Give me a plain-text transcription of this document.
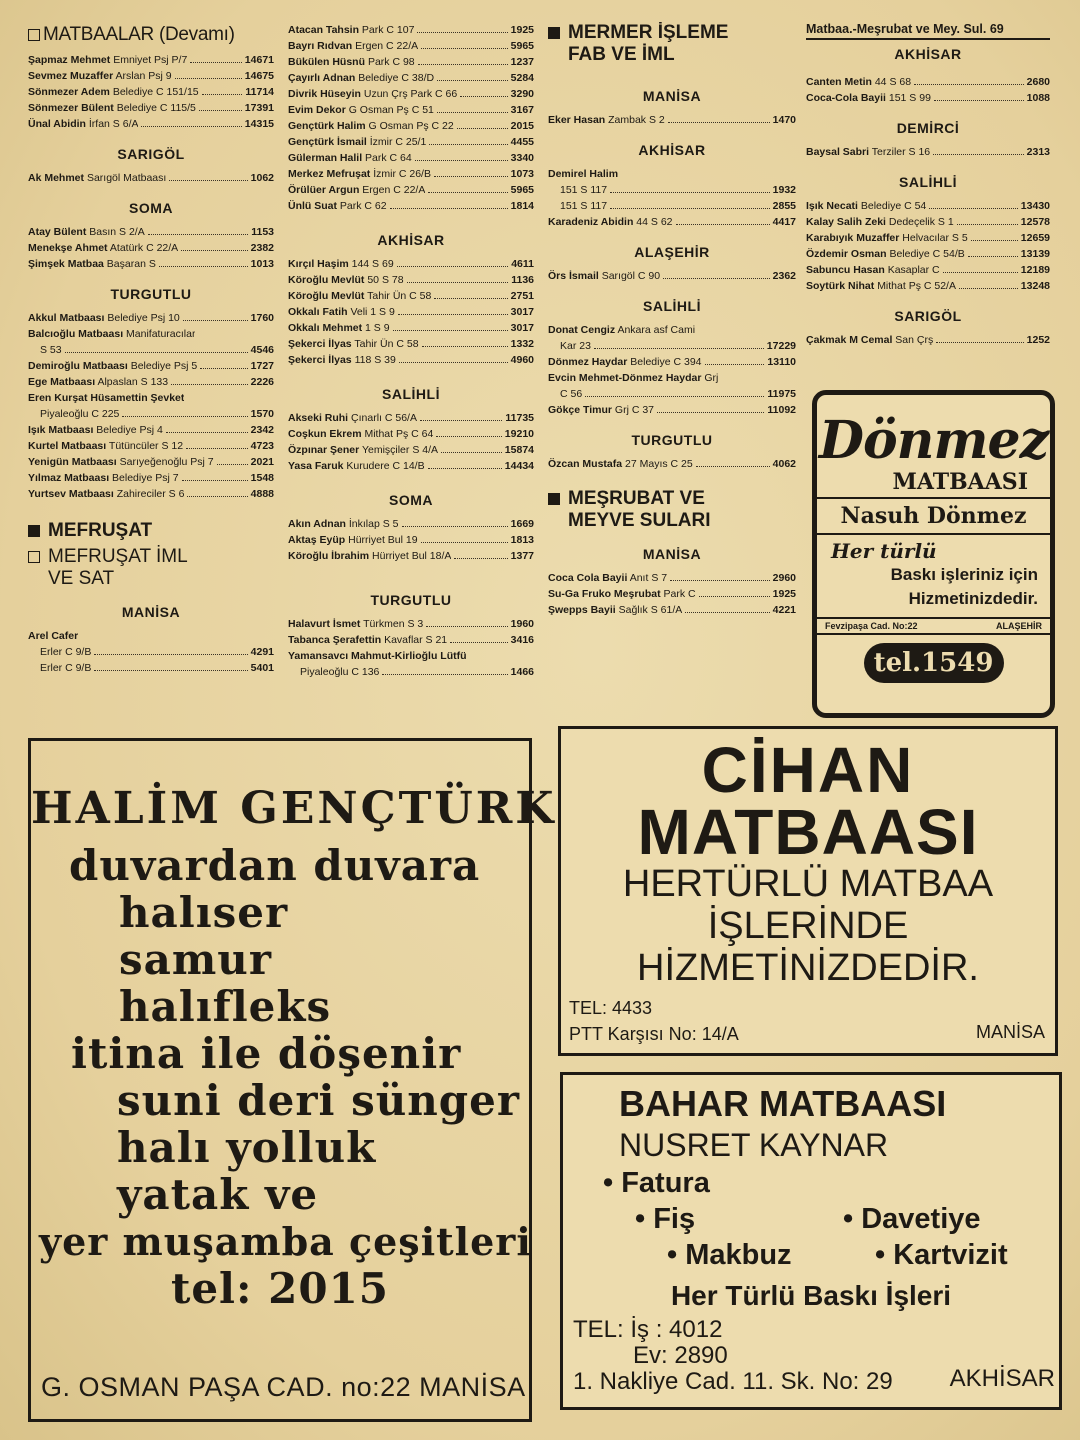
MATBAALAR (Devamı)
Şapmaz Mehmet Emniyet Psj P/7	14671
Sevmez Muzaffer Arslan Psj 9	14675
Sönmezer Adem Belediye C 151/15	11714
Sönmezer Bülent Belediye C 115/5	17391
Ünal Abidin İrfan S 6/A	14315
SARIGÖL
Ak Mehmet Sarıgöl Matbaası	1062
SOMA
Atay Bülent Basın S 2/A	1153
Menekşe Ahmet Atatürk C 22/A	2382
Şimşek Matbaa Başaran S	1013
TURGUTLU
Akkul Matbaası Belediye Psj 10	1760
Balcıoğlu Matbaası Manifaturacılar
S 53	4546
Demiroğlu Matbaası Belediye Psj 5	1727
Ege Matbaası Alpaslan S 133	2226
Eren Kurşat Hüsamettin Şevket
Piyaleoğlu C 225	1570
Işık Matbaası Belediye Psj 4	2342
Kurtel Matbaası Tütüncüler S 12	4723
Yenigün Matbaası Sarıyeğenoğlu Psj 7	2021
Yılmaz Matbaası Belediye Psj 7	1548
Yurtsev Matbaası Zahireciler S 6	4888
MEFRUŞAT
MEFRUŞAT İML
VE SAT
MANİSA
Arel Cafer
Erler C 9/B	4291
Erler C 9/B	5401
Atacan Tahsin Park C 107	1925
Bayrı Rıdvan Ergen C 22/A	5965
Bükülen Hüsnü Park C 98	1237
Çayırlı Adnan Belediye C 38/D	5284
Divrik Hüseyin Uzun Çrş Park C 66	3290
Evim Dekor G Osman Pş C 51	3167
Gençtürk Halim G Osman Pş C 22	2015
Gençtürk İsmail İzmir C 25/1	4455
Gülerman Halil Park C 64	3340
Merkez Mefruşat İzmir C 26/B	1073
Örülüer Argun Ergen C 22/A	5965
Ünlü Suat Park C 62	1814
AKHİSAR
Kırçıl Haşim 144 S 69	4611
Köroğlu Mevlüt 50 S 78	1136
Köroğlu Mevlüt Tahir Ün C 58	2751
Okkalı Fatih Veli 1 S 9	3017
Okkalı Mehmet 1 S 9	3017
Şekerci İlyas Tahir Ün C 58	1332
Şekerci İlyas 118 S 39	4960
SALİHLİ
Akseki Ruhi Çınarlı C 56/A	11735
Coşkun Ekrem Mithat Pş C 64	19210
Özpınar Şener Yemişçiler S 4/A	15874
Yasa Faruk Kurudere C 14/B	14434
SOMA
Akın Adnan İnkılap S 5	1669
Aktaş Eyüp Hürriyet Bul 19	1813
Köroğlu İbrahim Hürriyet Bul 18/A	1377
TURGUTLU
Halavurt İsmet Türkmen S 3	1960
Tabanca Şerafettin Kavaflar S 21	3416
Yamansavcı Mahmut-Kirlioğlu Lütfü
Piyaleoğlu C 136	1466
MERMER İŞLEME
FAB VE İML
MANİSA
Eker Hasan Zambak S 2	1470
AKHİSAR
Demirel Halim
151 S 117	1932
151 S 117	2855
Karadeniz Abidin 44 S 62	4417
ALAŞEHİR
Örs İsmail Sarıgöl C 90	2362
SALİHLİ
Donat Cengiz Ankara asf Cami
Kar 23	17229
Dönmez Haydar Belediye C 394	13110
Evcin Mehmet-Dönmez Haydar Grj
C 56	11975
Gökçe Timur Grj C 37	11092
TURGUTLU
Özcan Mustafa 27 Mayıs C 25	4062
MEŞRUBAT VE
MEYVE SULARI
MANİSA
Coca Cola Bayii Anıt S 7	2960
Su-Ga Fruko Meşrubat Park C	1925
Şwepps Bayii Sağlık S 61/A	4221
Matbaa.-Meşrubat ve Mey. Sul. 69
AKHİSAR
Canten Metin 44 S 68	2680
Coca-Cola Bayii 151 S 99	1088
DEMİRCİ
Baysal Sabri Terziler S 16	2313
SALİHLİ
Işık Necati Belediye C 54	13430
Kalay Salih Zeki Dedeçelik S 1	12578
Karabıyık Muzaffer Helvacılar S 5	12659
Özdemir Osman Belediye C 54/B	13139
Sabuncu Hasan Kasaplar C	12189
Soytürk Nihat Mithat Pş C 52/A	13248
SARIGÖL
Çakmak M Cemal San Çrş	1252
Dönmez
MATBAASI
Nasuh Dönmez
Her türlü
Baskı işleriniz için
Hizmetinizdedir.
Fevzipaşa Cad. No:22	ALAŞEHİR
tel.1549
HALİM GENÇTÜRK
duvardan duvara
halıser
samur
halıfleks
itina ile döşenir
suni deri sünger
halı yolluk
yatak ve
yer muşamba çeşitleri
tel: 2015
G. OSMAN PAŞA CAD. no:22 MANİSA
CİHAN
MATBAASI
HERTÜRLÜ MATBAA
İŞLERİNDE
HİZMETİNİZDEDİR.
TEL: 4433
PTT Karşısı No: 14/A	MANİSA
BAHAR MATBAASI
NUSRET KAYNAR
• Fatura
• Fiş	• Davetiye
• Makbuz	• Kartvizit
Her Türlü Baskı İşleri
TEL: İş : 4012
Ev: 2890
1. Nakliye Cad. 11. Sk. No: 29	AKHİSAR
